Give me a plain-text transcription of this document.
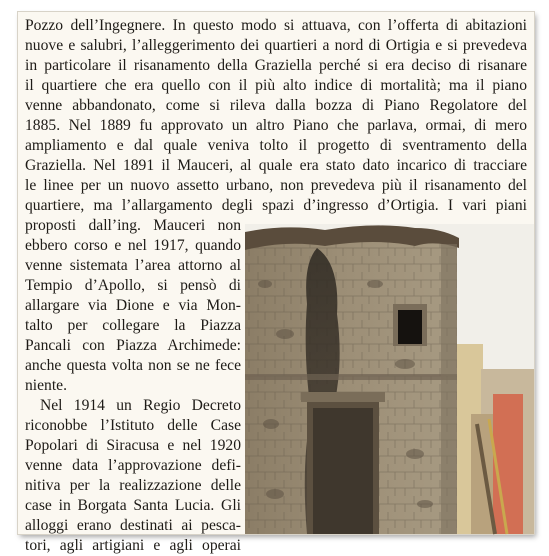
Pozzo dell’Ingegnere. In questo modo si attuava, con l’offerta di abitazioni
nuove e salubri, l’alleggerimento dei quartieri a nord di Ortigia e si prevedeva
in particolare il risanamento della Graziella perché si era deciso di risanare
il quartiere che era quello con il più alto indice di mortalità; ma il piano
venne abbandonato, come si rileva dalla bozza di Piano Regolatore del
1885. Nel 1889 fu approvato un altro Piano che parlava, ormai, di mero
ampliamento e dal quale veniva tolto il progetto di sventramento della
Graziella. Nel 1891 il Mauceri, al quale era stato dato incarico di tracciare
le linee per un nuovo assetto urbano, non prevedeva più il risanamento del
quartiere, ma l’allargamento degli spazi d’ingresso d’Ortigia. I vari piani
proposti dall’ing. Mauceri non
ebbero corso e nel 1917, quando
venne sistemata l’area attorno al
Tempio d’Apollo, si pensò di
allargare via Dione e via Mon-
talto per collegare la Piazza
Pancali con Piazza Archimede:
anche questa volta non se ne fece
niente.
Nel 1914 un Regio Decreto
riconobbe l’Istituto delle Case
Popolari di Siracusa e nel 1920
venne data l’approvazione defi-
nitiva per la realizzazione delle
case in Borgata Santa Lucia. Gli
alloggi erano destinati ai pesca-
tori, agli artigiani e agli operai
